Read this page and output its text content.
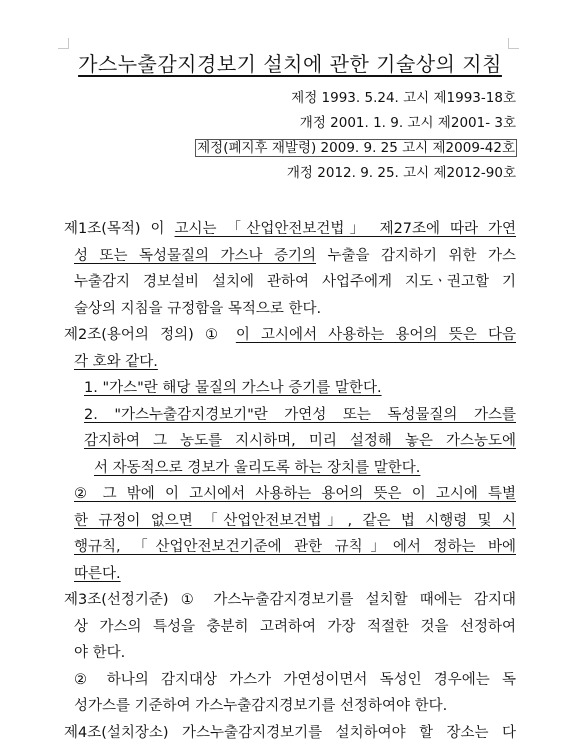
가스누출감지경보기 설치에 관한 기술상의 지침
제정 1993. 5.24. 고시 제1993-18호
개정 2001. 1. 9. 고시 제2001- 3호
제정(폐지후 재발령) 2009. 9. 25 고시 제2009-42호
개정 2012. 9. 25. 고시 제2012-90호
제1조(목적) 이 고시는 「산업안전보건법」 제27조에 따라 가연
성 또는 독성물질의 가스나 증기의 누출을 감지하기 위한 가스
누출감지 경보설비 설치에 관하여 사업주에게 지도ㆍ권고할 기
술상의 지침을 규정함을 목적으로 한다.
제2조(용어의 정의) ① 이 고시에서 사용하는 용어의 뜻은 다음
각 호와 같다.
1. "가스"란 해당 물질의 가스나 증기를 말한다.
2. "가스누출감지경보기"란 가연성 또는 독성물질의 가스를
감지하여 그 농도를 지시하며, 미리 설정해 놓은 가스농도에
서 자동적으로 경보가 울리도록 하는 장치를 말한다.
② 그 밖에 이 고시에서 사용하는 용어의 뜻은 이 고시에 특별
한 규정이 없으면 「산업안전보건법」, 같은 법 시행령 및 시
행규칙, 「산업안전보건기준에 관한 규칙」에서 정하는 바에
따른다.
제3조(선정기준) ① 가스누출감지경보기를 설치할 때에는 감지대
상 가스의 특성을 충분히 고려하여 가장 적절한 것을 선정하여
야 한다.
② 하나의 감지대상 가스가 가연성이면서 독성인 경우에는 독
성가스를 기준하여 가스누출감지경보기를 선정하여야 한다.
제4조(설치장소) 가스누출감지경보기를 설치하여야 할 장소는 다
